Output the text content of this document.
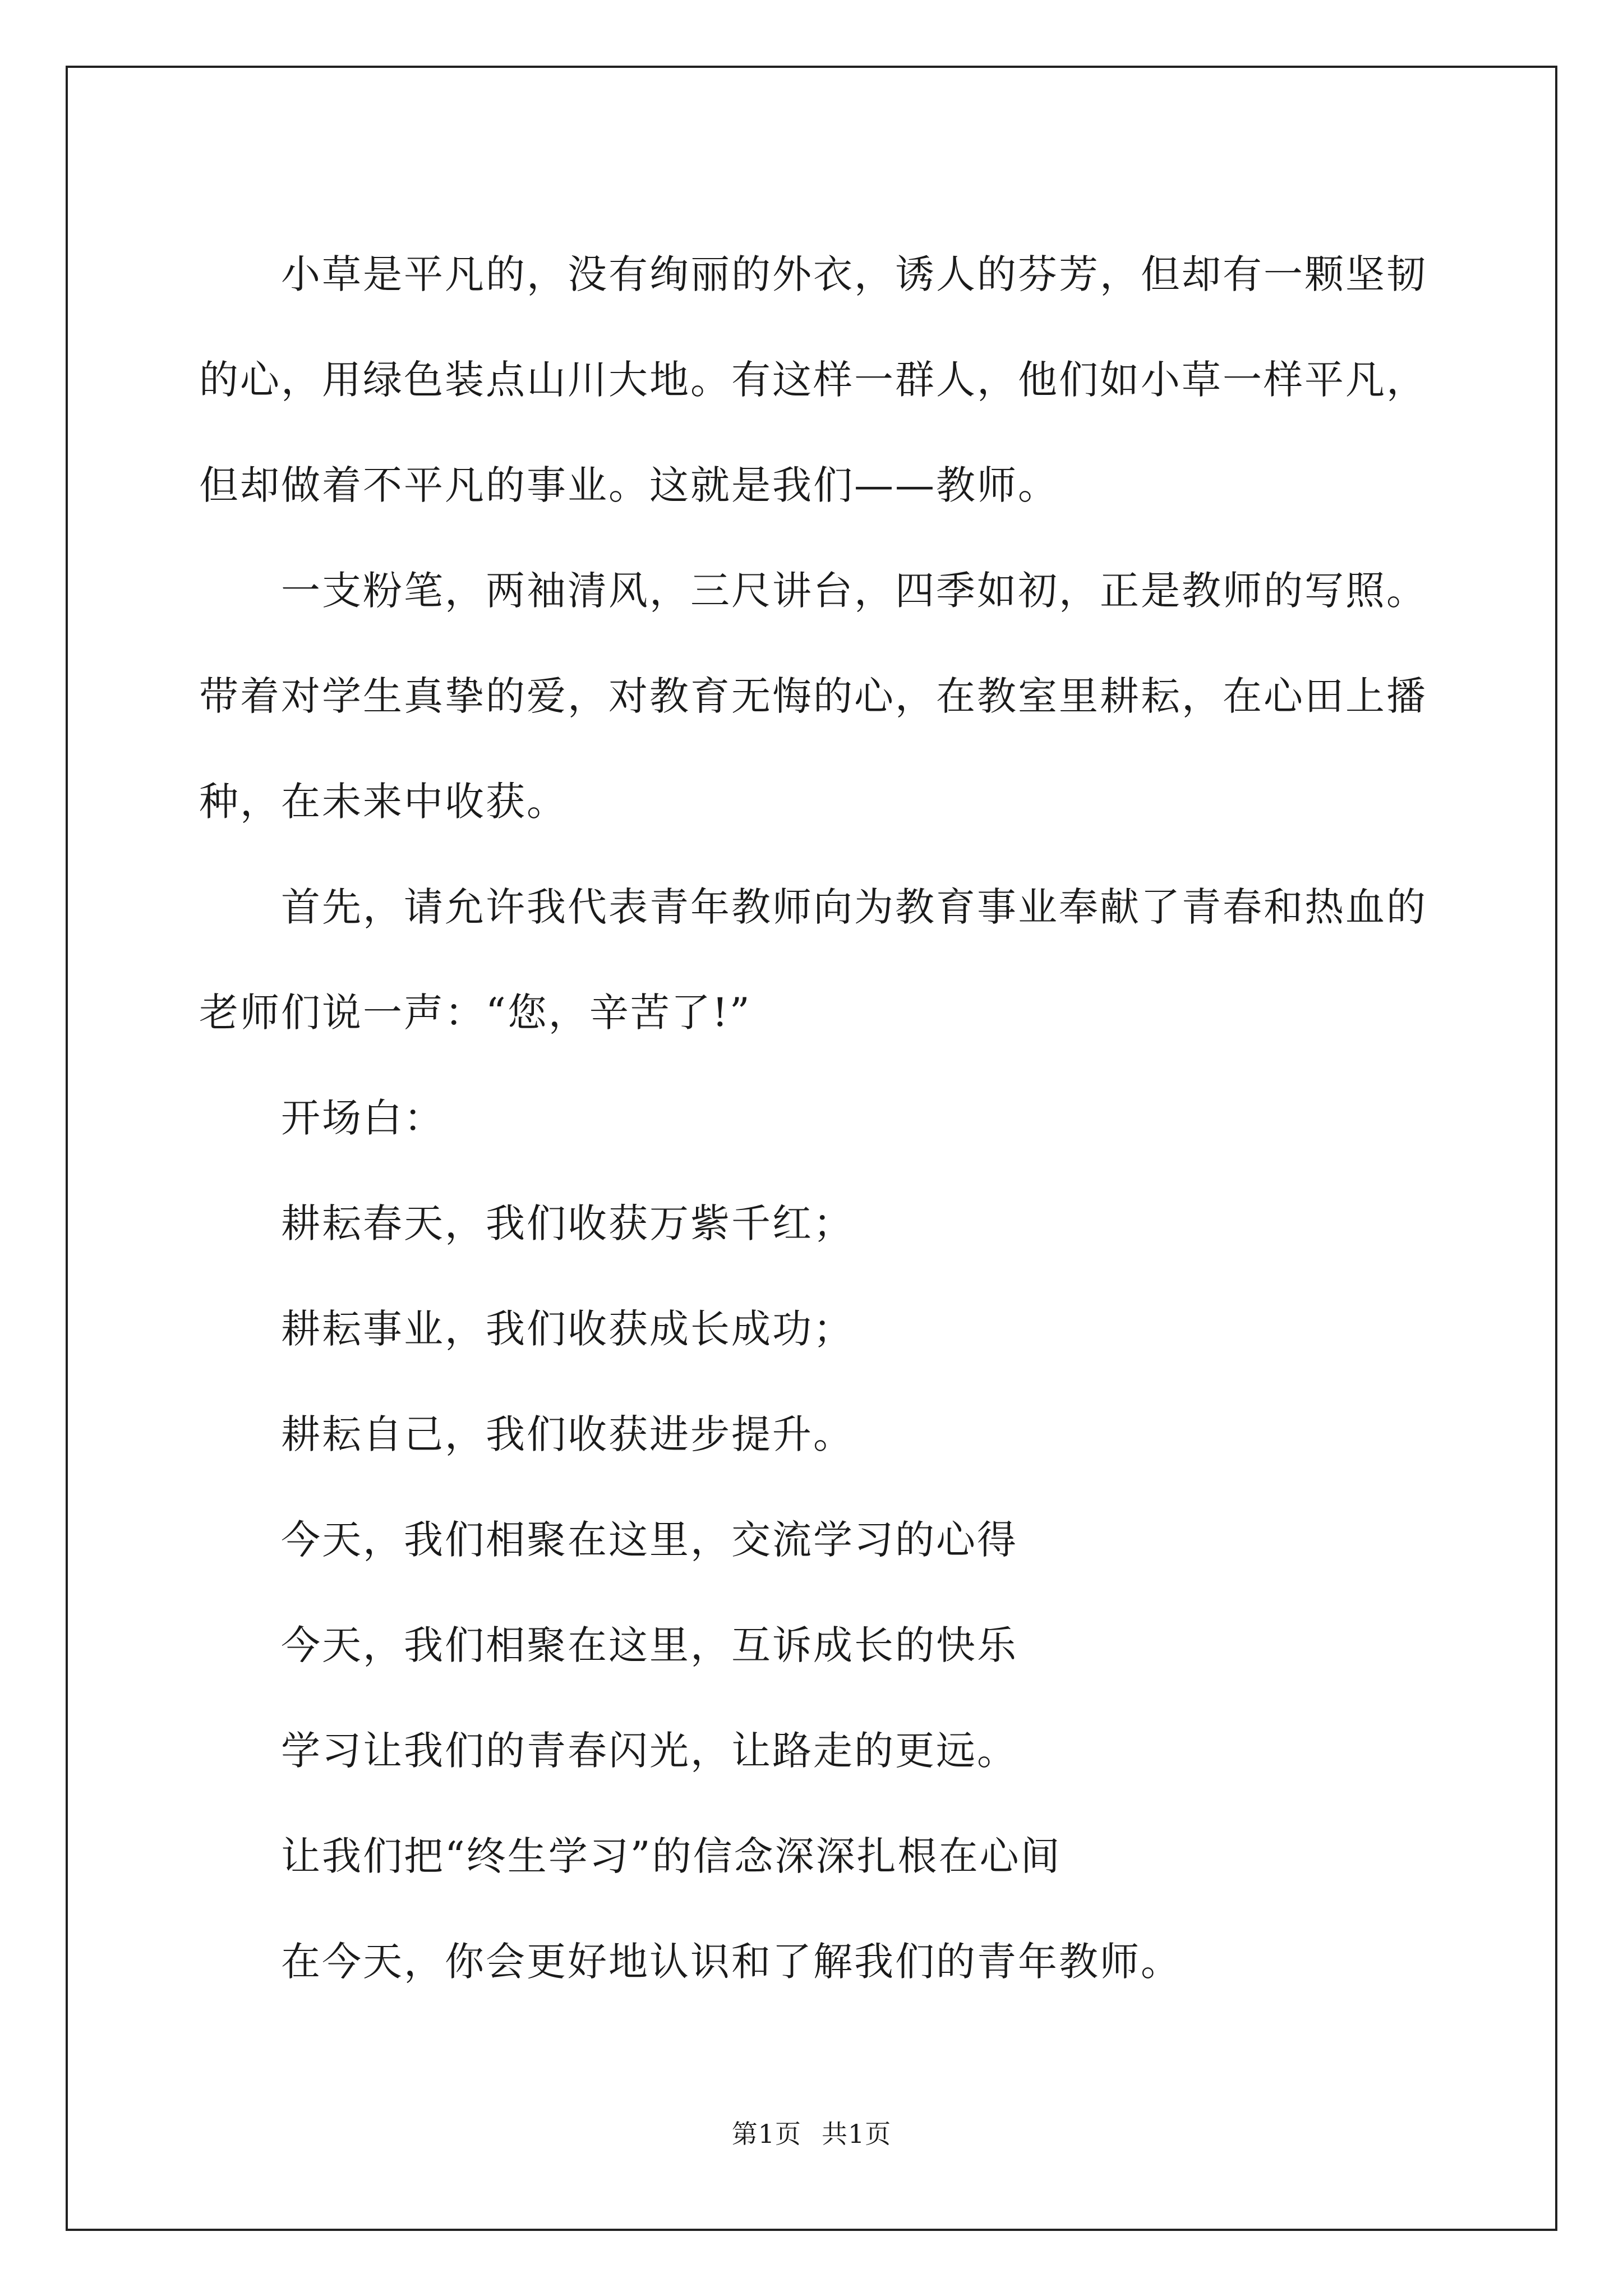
小草是平凡的，没有绚丽的外衣，诱人的芬芳，但却有一颗坚韧的心，用绿色装点山川大地。有这样一群人，他们如小草一样平凡，但却做着不平凡的事业。这就是我们——教师。

一支粉笔，两袖清风，三尺讲台，四季如初，正是教师的写照。带着对学生真挚的爱，对教育无悔的心，在教室里耕耘，在心田上播种，在未来中收获。

首先，请允许我代表青年教师向为教育事业奉献了青春和热血的老师们说一声：“您，辛苦了!”

开场白：

耕耘春天，我们收获万紫千红；

耕耘事业，我们收获成长成功；

耕耘自己，我们收获进步提升。

今天，我们相聚在这里，交流学习的心得

今天，我们相聚在这里，互诉成长的快乐

学习让我们的青春闪光，让路走的更远。

让我们把“终生学习”的信念深深扎根在心间

在今天，你会更好地认识和了解我们的青年教师。

第1页 共1页
